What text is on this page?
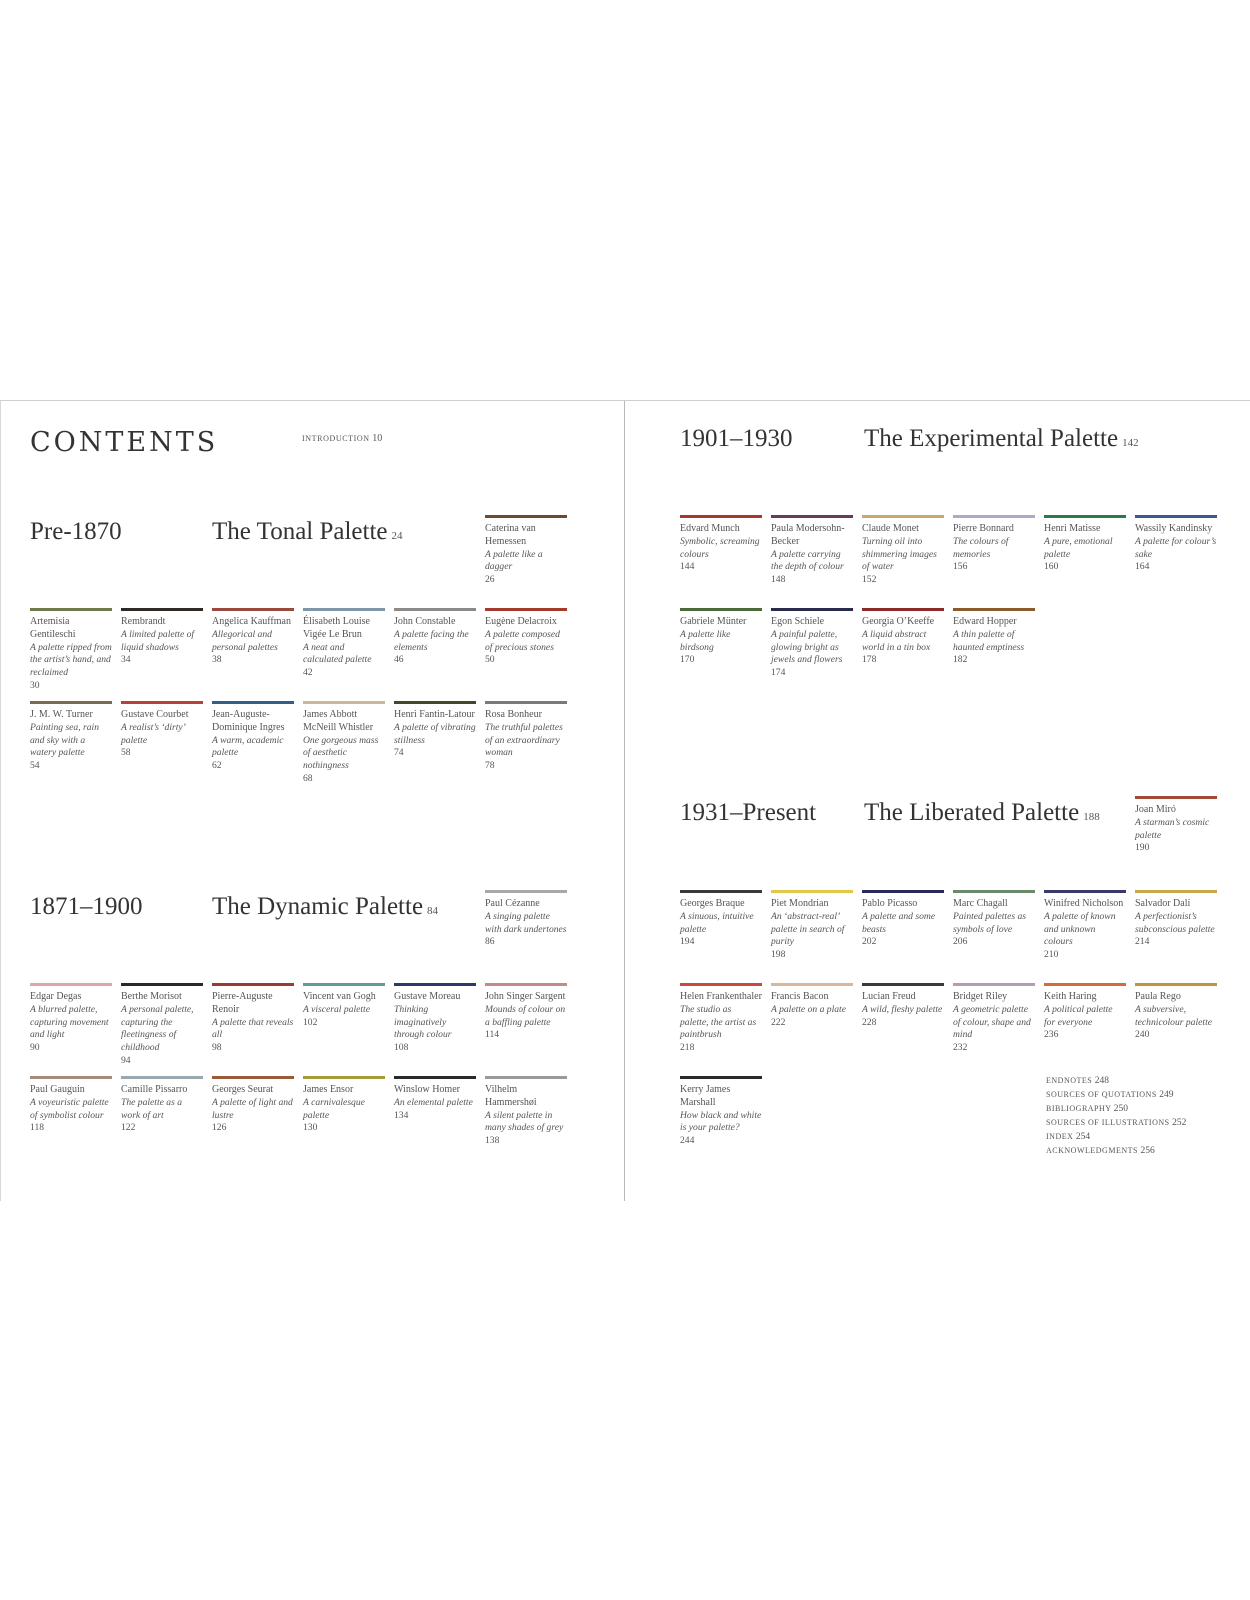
CONTENTS	INTRODUCTION 10
Pre-1870	The Tonal Palette 24
1871–1900	The Dynamic Palette 84
1901–1930	The Experimental Palette 142
1931–Present The Liberated Palette 188
Caterina van Hemessen
A palette like a dagger
26
Artemisia Gentileschi
A palette ripped from the artist’s hand, and reclaimed
30
Rembrandt
A limited palette of liquid shadows
34
Angelica Kauffman
Allegorical and personal palettes
38
Élisabeth Louise Vigée Le Brun
A neat and calculated palette
42
John Constable
A palette facing the elements
46
Eugène Delacroix
A palette composed of precious stones
50
J. M. W. Turner
Painting sea, rain and sky with a watery palette
54
Gustave Courbet
A realist’s ‘dirty’ palette
58
Jean-Auguste-Dominique Ingres
A warm, academic palette
62
James Abbott McNeill Whistler
One gorgeous mass of aesthetic nothingness
68
Henri Fantin-Latour
A palette of vibrating stillness
74
Rosa Bonheur
The truthful palettes of an extraordinary woman
78
Paul Cézanne
A singing palette with dark undertones
86
Edgar Degas
A blurred palette, capturing movement and light
90
Berthe Morisot
A personal palette, capturing the fleetingness of childhood
94
Pierre-Auguste Renoir
A palette that reveals all
98
Vincent van Gogh
A visceral palette
102
Gustave Moreau
Thinking imaginatively through colour
108
John Singer Sargent
Mounds of colour on a baffling palette
114
Paul Gauguin
A voyeuristic palette of symbolist colour
118
Camille Pissarro
The palette as a work of art
122
Georges Seurat
A palette of light and lustre
126
James Ensor
A carnivalesque palette
130
Winslow Homer
An elemental palette
134
Vilhelm Hammershøi
A silent palette in many shades of grey
138
Edvard Munch
Symbolic, screaming colours
144
Paula Modersohn-Becker
A palette carrying the depth of colour
148
Claude Monet
Turning oil into shimmering images of water
152
Pierre Bonnard
The colours of memories
156
Henri Matisse
A pure, emotional palette
160
Wassily Kandinsky
A palette for colour’s sake
164
Gabriele Münter
A palette like birdsong
170
Egon Schiele
A painful palette, glowing bright as jewels and flowers
174
Georgia O’Keeffe
A liquid abstract world in a tin box
178
Edward Hopper
A thin palette of haunted emptiness
182
Joan Miró
A starman’s cosmic palette
190
Georges Braque
A sinuous, intuitive palette
194
Piet Mondrian
An ‘abstract-real’ palette in search of purity
198
Pablo Picasso
A palette and some beasts
202
Marc Chagall
Painted palettes as symbols of love
206
Winifred Nicholson
A palette of known and unknown colours
210
Salvador Dalí
A perfectionist’s subconscious palette
214
Helen Frankenthaler
The studio as palette, the artist as paintbrush
218
Francis Bacon
A palette on a plate
222
Lucian Freud
A wild, fleshy palette
228
Bridget Riley
A geometric palette of colour, shape and mind
232
Keith Haring
A political palette for everyone
236
Paula Rego
A subversive, technicolour palette
240
Kerry James Marshall
How black and white is your palette?
244
ENDNOTES 248
SOURCES OF QUOTATIONS 249
BIBLIOGRAPHY 250
SOURCES OF ILLUSTRATIONS 252
INDEX 254
ACKNOWLEDGMENTS 256
